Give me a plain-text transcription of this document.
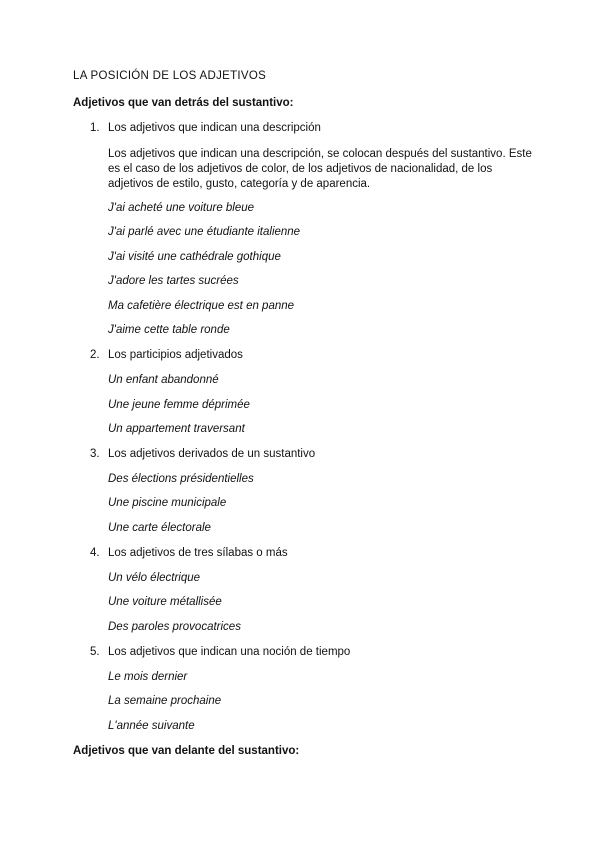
LA POSICIÓN DE LOS ADJETIVOS
Adjetivos que van detrás del sustantivo:
1. Los adjetivos que indican una descripción
Los adjetivos que indican una descripción, se colocan después del sustantivo. Este es el caso de los adjetivos de color, de los adjetivos de nacionalidad, de los adjetivos de estilo, gusto, categoría y de aparencia.
J'ai acheté une voiture bleue
J'ai parlé avec une étudiante italienne
J'ai visité une cathédrale gothique
J'adore les tartes sucrées
Ma cafetière électrique est en panne
J'aime cette table ronde
2. Los participios adjetivados
Un enfant abandonné
Une jeune femme déprimée
Un appartement traversant
3. Los adjetivos derivados de un sustantivo
Des élections présidentielles
Une piscine municipale
Une carte électorale
4. Los adjetivos de tres sílabas o más
Un vélo électrique
Une voiture métallisée
Des paroles provocatrices
5. Los adjetivos que indican una noción de tiempo
Le mois dernier
La semaine prochaine
L'année suivante
Adjetivos que van delante del sustantivo:
